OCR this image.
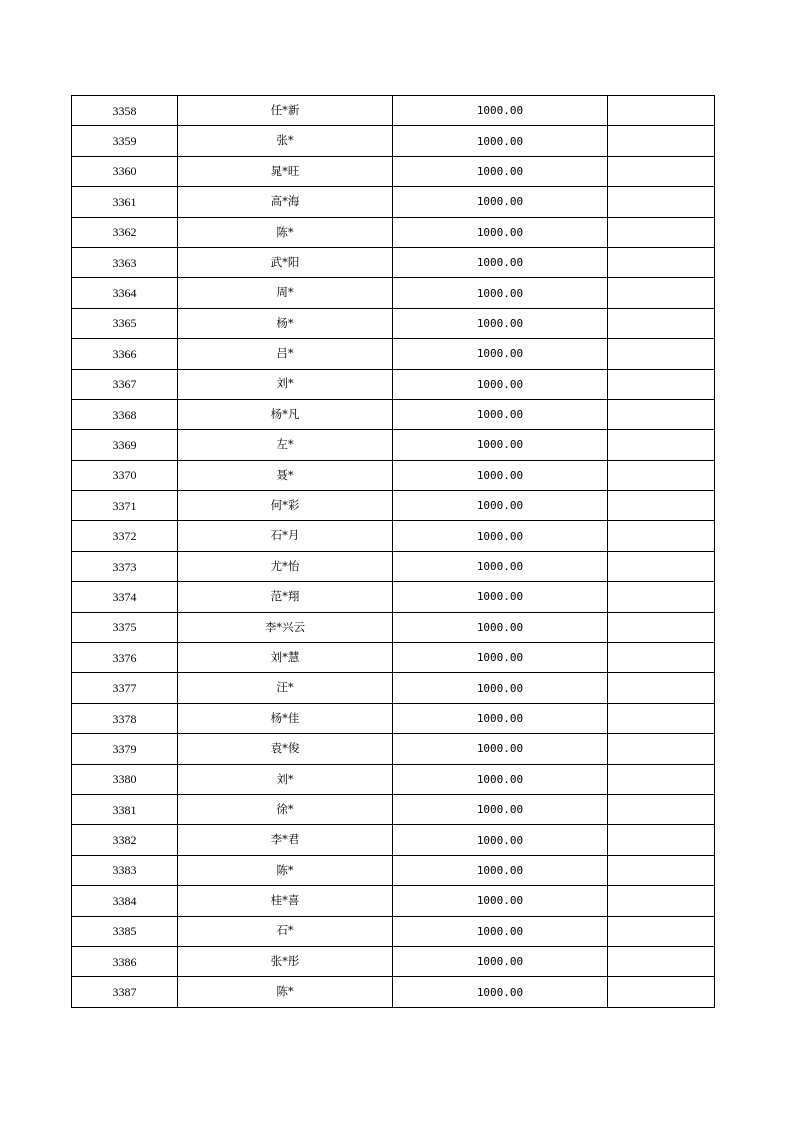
3358	任*新	1000.00	
3359	张*	1000.00	
3360	晁*旺	1000.00	
3361	高*海	1000.00	
3362	陈*	1000.00	
3363	武*阳	1000.00	
3364	周*	1000.00	
3365	杨*	1000.00	
3366	吕*	1000.00	
3367	刘*	1000.00	
3368	杨*凡	1000.00	
3369	左*	1000.00	
3370	聂*	1000.00	
3371	何*彩	1000.00	
3372	石*月	1000.00	
3373	尤*怡	1000.00	
3374	范*翔	1000.00	
3375	李*兴云	1000.00	
3376	刘*慧	1000.00	
3377	汪*	1000.00	
3378	杨*佳	1000.00	
3379	袁*俊	1000.00	
3380	刘*	1000.00	
3381	徐*	1000.00	
3382	李*君	1000.00	
3383	陈*	1000.00	
3384	桂*喜	1000.00	
3385	石*	1000.00	
3386	张*彤	1000.00	
3387	陈*	1000.00	
